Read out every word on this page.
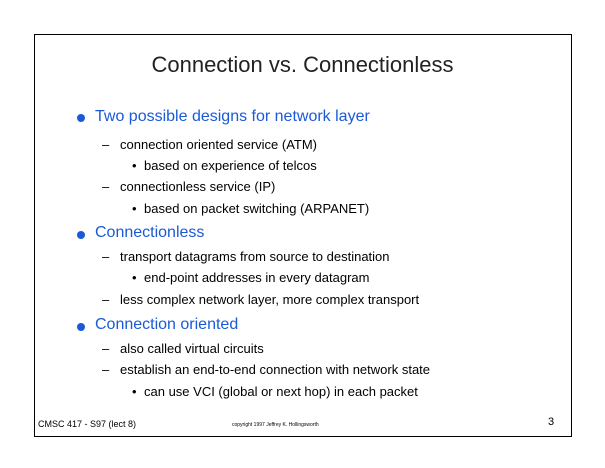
Connection vs. Connectionless
Two possible designs for network layer
– connection oriented service (ATM)
• based on experience of telcos
– connectionless service (IP)
• based on packet switching (ARPANET)
Connectionless
– transport datagrams from source to destination
• end-point addresses in every datagram
– less complex network layer, more complex transport
Connection oriented
– also called virtual circuits
– establish an end-to-end connection with network state
• can use VCI (global or next hop) in each packet
CMSC 417 - S97 (lect 8)	copyright 1997 Jeffrey K. Hollingsworth	3
